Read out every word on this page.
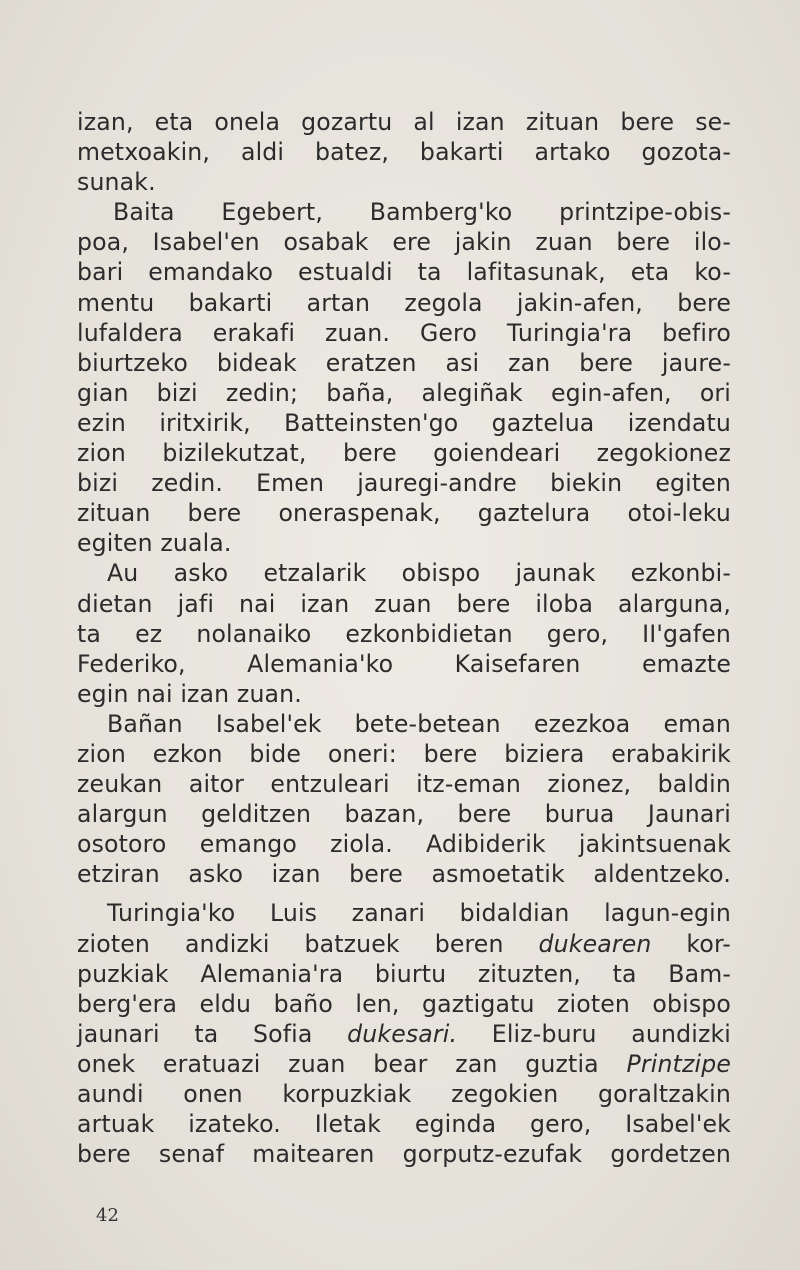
izan, eta onela gozartu al izan zituan bere se-
metxoakin, aldi batez, bakarti artako gozota-
sunak.
Baita Egebert, Bamberg'ko printzipe-obis-
poa, Isabel'en osabak ere jakin zuan bere ilo-
bari emandako estualdi ta lafitasunak, eta ko-
mentu bakarti artan zegola jakin-afen, bere
lufaldera erakafi zuan. Gero Turingia'ra befiro
biurtzeko bideak eratzen asi zan bere jaure-
gian bizi zedin; baña, alegiñak egin-afen, ori
ezin iritxirik, Batteinsten'go gaztelua izendatu
zion bizilekutzat, bere goiendeari zegokionez
bizi zedin. Emen jauregi-andre biekin egiten
zituan bere oneraspenak, gaztelura otoi-leku
egiten zuala.
Au asko etzalarik obispo jaunak ezkonbi-
dietan jafi nai izan zuan bere iloba alarguna,
ta ez nolanaiko ezkonbidietan gero, II'gafen
Federiko, Alemania'ko Kaisefaren emazte
egin nai izan zuan.
Bañan Isabel'ek bete-betean ezezkoa eman
zion ezkon bide oneri: bere biziera erabakirik
zeukan aitor entzuleari itz-eman zionez, baldin
alargun gelditzen bazan, bere burua Jaunari
osotoro emango ziola. Adibiderik jakintsuenak
etziran asko izan bere asmoetatik aldentzeko.
Turingia'ko Luis zanari bidaldian lagun-egin
zioten andizki batzuek beren dukearen kor-
puzkiak Alemania'ra biurtu zituzten, ta Bam-
berg'era eldu baño len, gaztigatu zioten obispo
jaunari ta Sofia dukesari. Eliz-buru aundizki
onek eratuazi zuan bear zan guztia Printzipe
aundi onen korpuzkiak zegokien goraltzakin
artuak izateko. Iletak eginda gero, Isabel'ek
bere senaf maitearen gorputz-ezufak gordetzen
42
